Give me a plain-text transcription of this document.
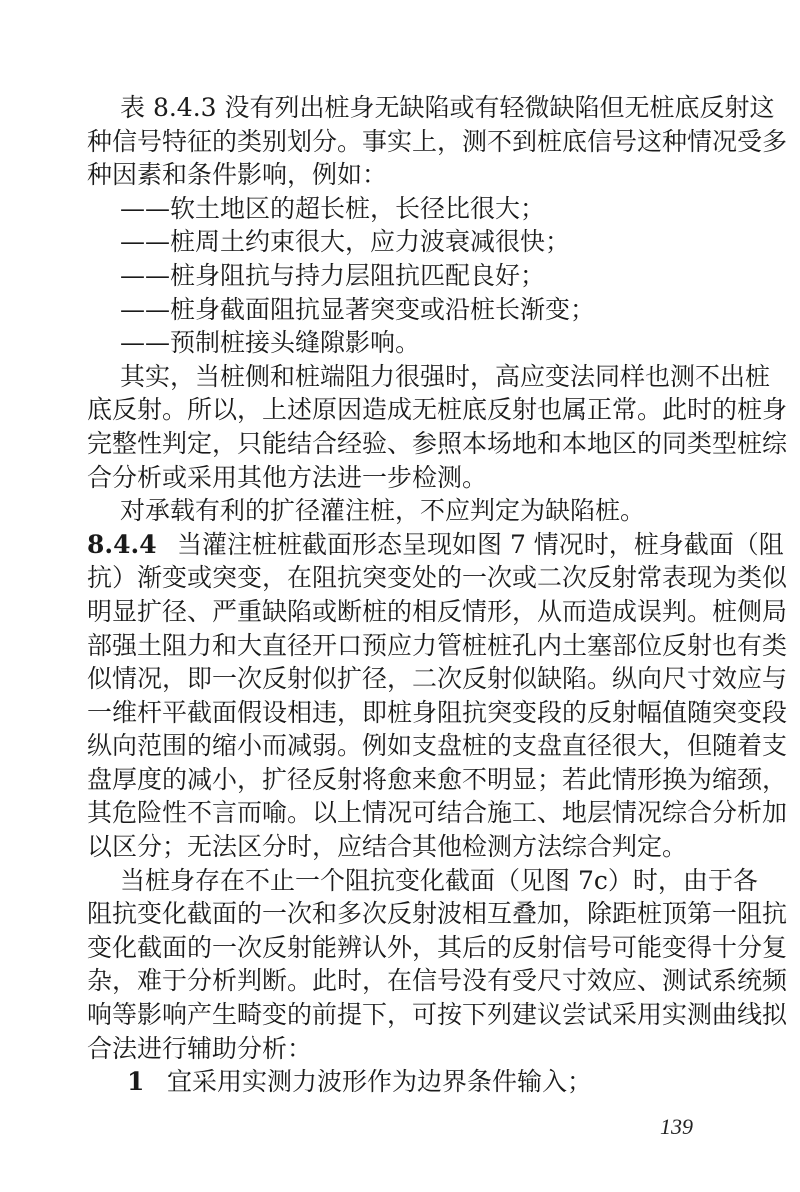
表 8.4.3 没有列出桩身无缺陷或有轻微缺陷但无桩底反射这
种信号特征的类别划分。事实上，测不到桩底信号这种情况受多
种因素和条件影响，例如：
——软土地区的超长桩，长径比很大；
——桩周土约束很大，应力波衰减很快；
——桩身阻抗与持力层阻抗匹配良好；
——桩身截面阻抗显著突变或沿桩长渐变；
——预制桩接头缝隙影响。
其实，当桩侧和桩端阻力很强时，高应变法同样也测不出桩
底反射。所以，上述原因造成无桩底反射也属正常。此时的桩身
完整性判定，只能结合经验、参照本场地和本地区的同类型桩综
合分析或采用其他方法进一步检测。
对承载有利的扩径灌注桩，不应判定为缺陷桩。
8.4.4 当灌注桩桩截面形态呈现如图 7 情况时，桩身截面（阻
抗）渐变或突变，在阻抗突变处的一次或二次反射常表现为类似
明显扩径、严重缺陷或断桩的相反情形，从而造成误判。桩侧局
部强土阻力和大直径开口预应力管桩桩孔内土塞部位反射也有类
似情况，即一次反射似扩径，二次反射似缺陷。纵向尺寸效应与
一维杆平截面假设相违，即桩身阻抗突变段的反射幅值随突变段
纵向范围的缩小而减弱。例如支盘桩的支盘直径很大，但随着支
盘厚度的减小，扩径反射将愈来愈不明显；若此情形换为缩颈，
其危险性不言而喻。以上情况可结合施工、地层情况综合分析加
以区分；无法区分时，应结合其他检测方法综合判定。
当桩身存在不止一个阻抗变化截面（见图 7c）时，由于各
阻抗变化截面的一次和多次反射波相互叠加，除距桩顶第一阻抗
变化截面的一次反射能辨认外，其后的反射信号可能变得十分复
杂，难于分析判断。此时，在信号没有受尺寸效应、测试系统频
响等影响产生畸变的前提下，可按下列建议尝试采用实测曲线拟
合法进行辅助分析：
1 宜采用实测力波形作为边界条件输入；
139
